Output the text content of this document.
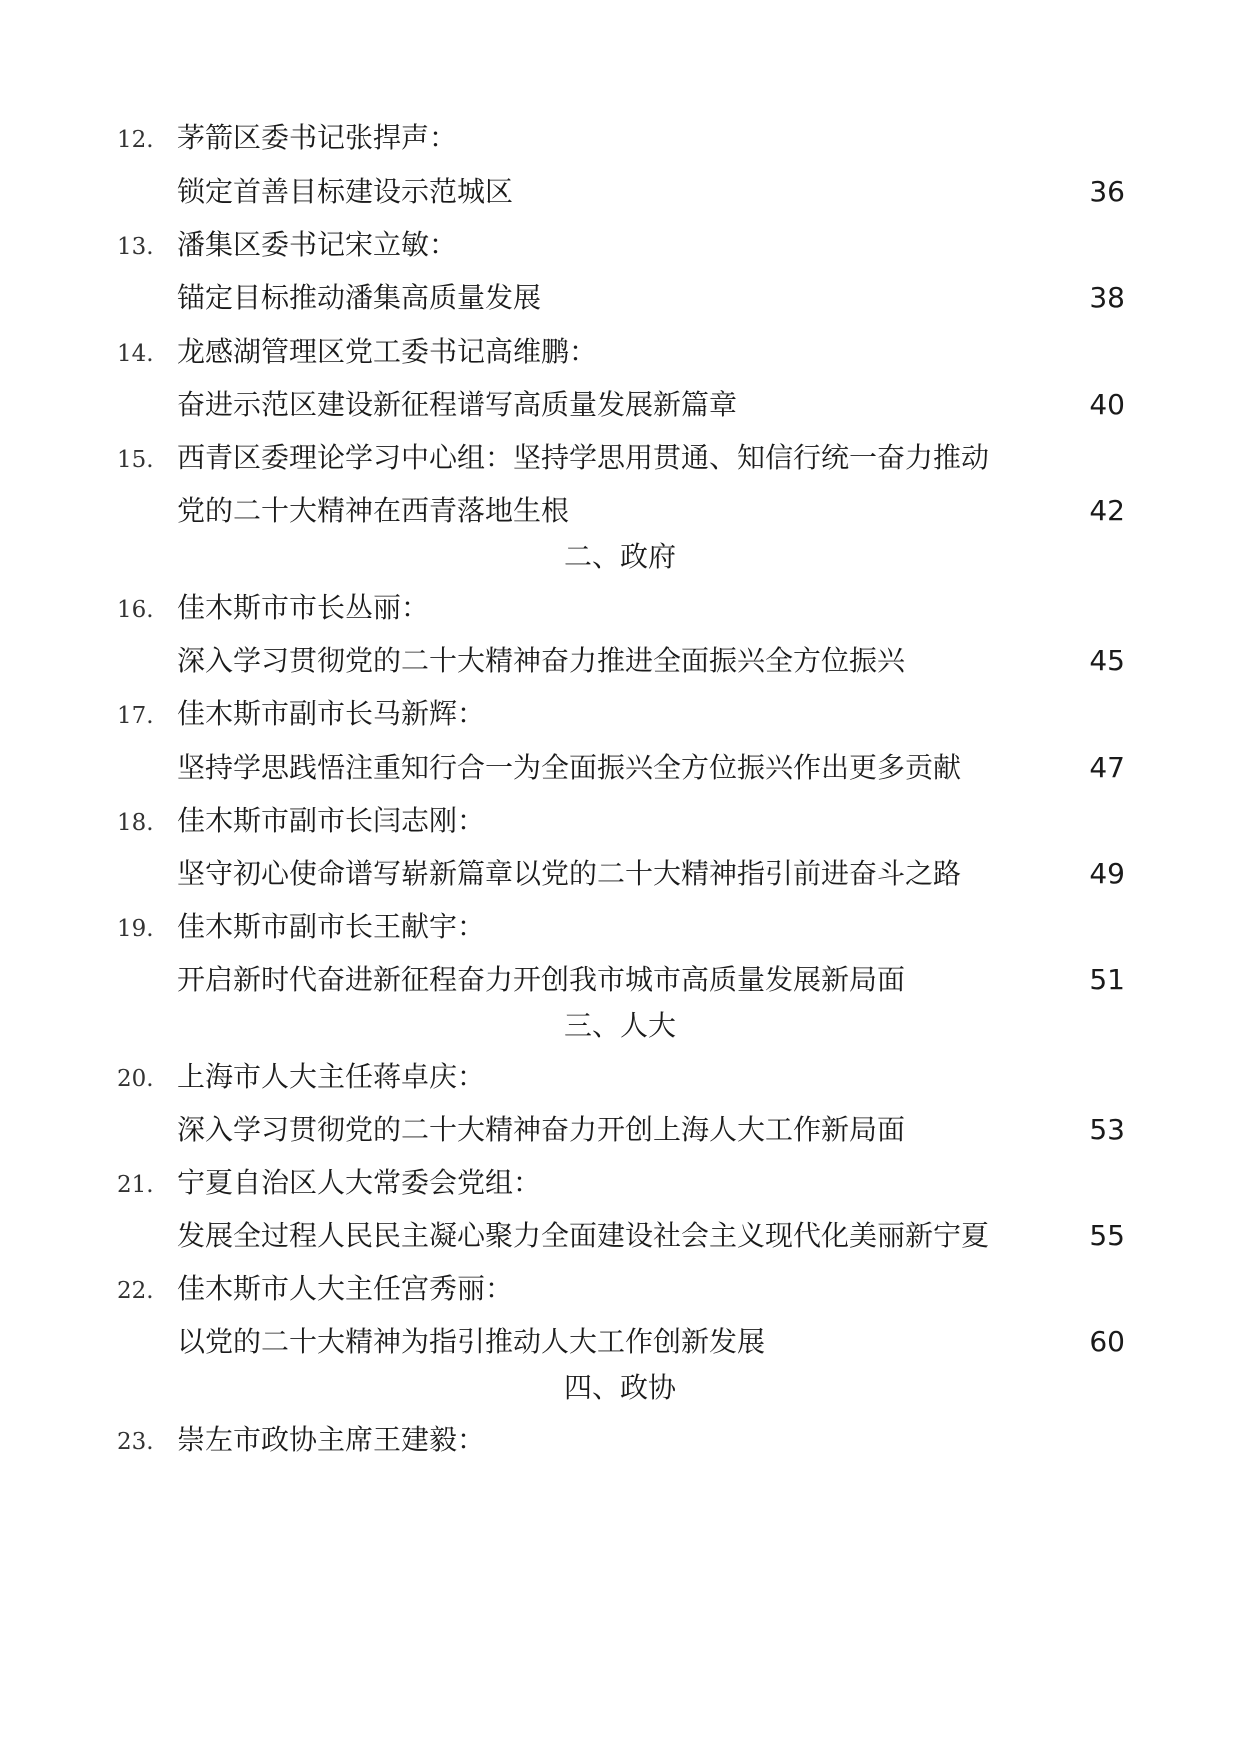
12. 茅箭区委书记张捍声：
锁定首善目标建设示范城区	36
13. 潘集区委书记宋立敏：
锚定目标推动潘集高质量发展	38
14. 龙感湖管理区党工委书记高维鹏：
奋进示范区建设新征程谱写高质量发展新篇章	40
15. 西青区委理论学习中心组：坚持学思用贯通、知信行统一奋力推动
党的二十大精神在西青落地生根	42
二、政府
16. 佳木斯市市长丛丽：
深入学习贯彻党的二十大精神奋力推进全面振兴全方位振兴	45
17. 佳木斯市副市长马新辉：
坚持学思践悟注重知行合一为全面振兴全方位振兴作出更多贡献	47
18. 佳木斯市副市长闫志刚：
坚守初心使命谱写崭新篇章以党的二十大精神指引前进奋斗之路	49
19. 佳木斯市副市长王献宇：
开启新时代奋进新征程奋力开创我市城市高质量发展新局面	51
三、人大
20. 上海市人大主任蒋卓庆：
深入学习贯彻党的二十大精神奋力开创上海人大工作新局面	53
21. 宁夏自治区人大常委会党组：
发展全过程人民民主凝心聚力全面建设社会主义现代化美丽新宁夏	55
22. 佳木斯市人大主任宫秀丽：
以党的二十大精神为指引推动人大工作创新发展	60
四、政协
23. 崇左市政协主席王建毅：
